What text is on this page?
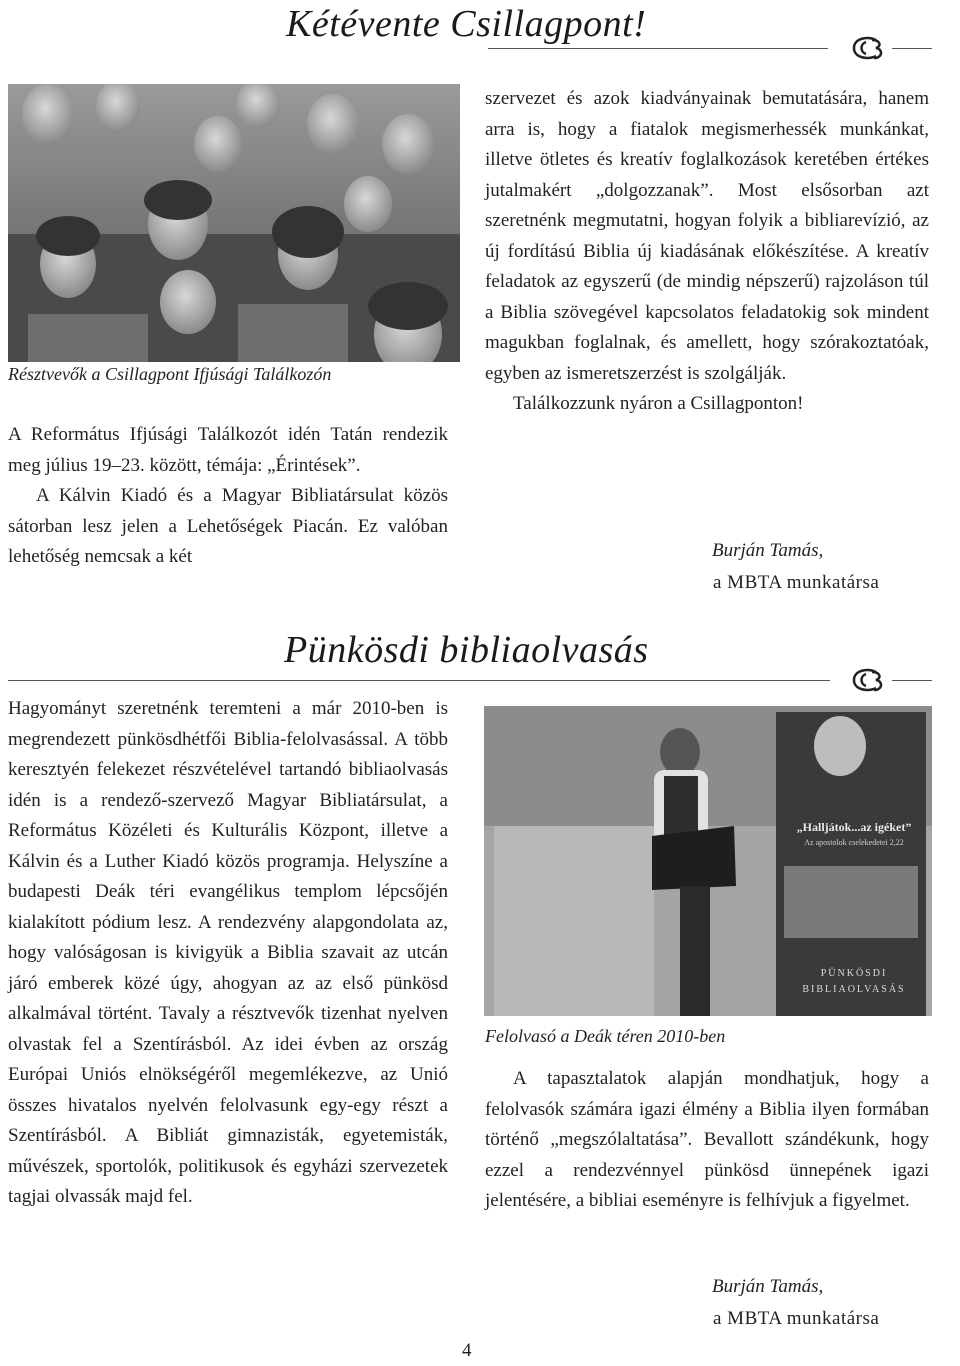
Kétévente Csillagpont!
Résztvevők a Csillagpont Ifjúsági Találkozón

A Református Ifjúsági Találkozót idén Tatán rendezik meg július 19–23. között, témája: „Érintések”.

A Kálvin Kiadó és a Magyar Bibliatársulat közös sátorban lesz jelen a Lehetőségek Piacán. Ez valóban lehetőség nemcsak a két

szervezet és azok kiadványainak bemutatására, hanem arra is, hogy a fiatalok megismerhessék munkánkat, illetve ötletes és kreatív foglalkozások keretében értékes jutalmakért „dolgozzanak”. Most elsősorban azt szeretnénk megmutatni, hogyan folyik a bibliarevízió, az új fordítású Biblia új kiadásának előkészítése. A kreatív feladatok az egyszerű (de mindig népszerű) rajzoláson túl a Biblia szövegével kapcsolatos feladatokig sok mindent magukban foglalnak, és amellett, hogy szórakoztatóak, egyben az ismeretszerzést is szolgálják.

Találkozzunk nyáron a Csillagponton!

Burján Tamás,
a MBTA munkatársa
Pünkösdi bibliaolvasás

Hagyományt szeretnénk teremteni a már 2010-ben is megrendezett pünkösdhétfői Biblia-felolvasással. A több keresztyén felekezet részvételével tartandó bibliaolvasás idén is a rendező-szervező Magyar Bibliatársulat, a Református Közéleti és Kulturális Központ, illetve a Kálvin és a Luther Kiadó közös programja. Helyszíne a budapesti Deák téri evangélikus templom lépcsőjén kialakított pódium lesz. A rendezvény alapgondolata az, hogy valóságosan is kivigyük a Biblia szavait az utcán járó emberek közé úgy, ahogyan az az első pünkösd alkalmával történt. Tavaly a résztvevők tizenhat nyelven olvastak fel a Szentírásból. Az idei évben az ország Európai Uniós elnökségéről megemlékezve, az Unió összes hivatalos nyelvén felolvasunk egy-egy részt a Szentírásból. A Bibliát gimnazisták, egyetemisták, művészek, sportolók, politikusok és egyházi szervezetek tagjai olvassák majd fel.

„Halljátok...az igéket”
Az apostolok cselekedetei 2,22
PÜNKÖSDI
BIBLIAOLVASÁS
Felolvasó a Deák téren 2010-ben

A tapasztalatok alapján mondhatjuk, hogy a felolvasók számára igazi élmény a Biblia ilyen formában történő „megszólaltatása”. Bevallott szándékunk, hogy ezzel a rendezvénnyel pünkösd ünnepének igazi jelentésére, a bibliai eseményre is felhívjuk a figyelmet.

Burján Tamás,
a MBTA munkatársa
4
